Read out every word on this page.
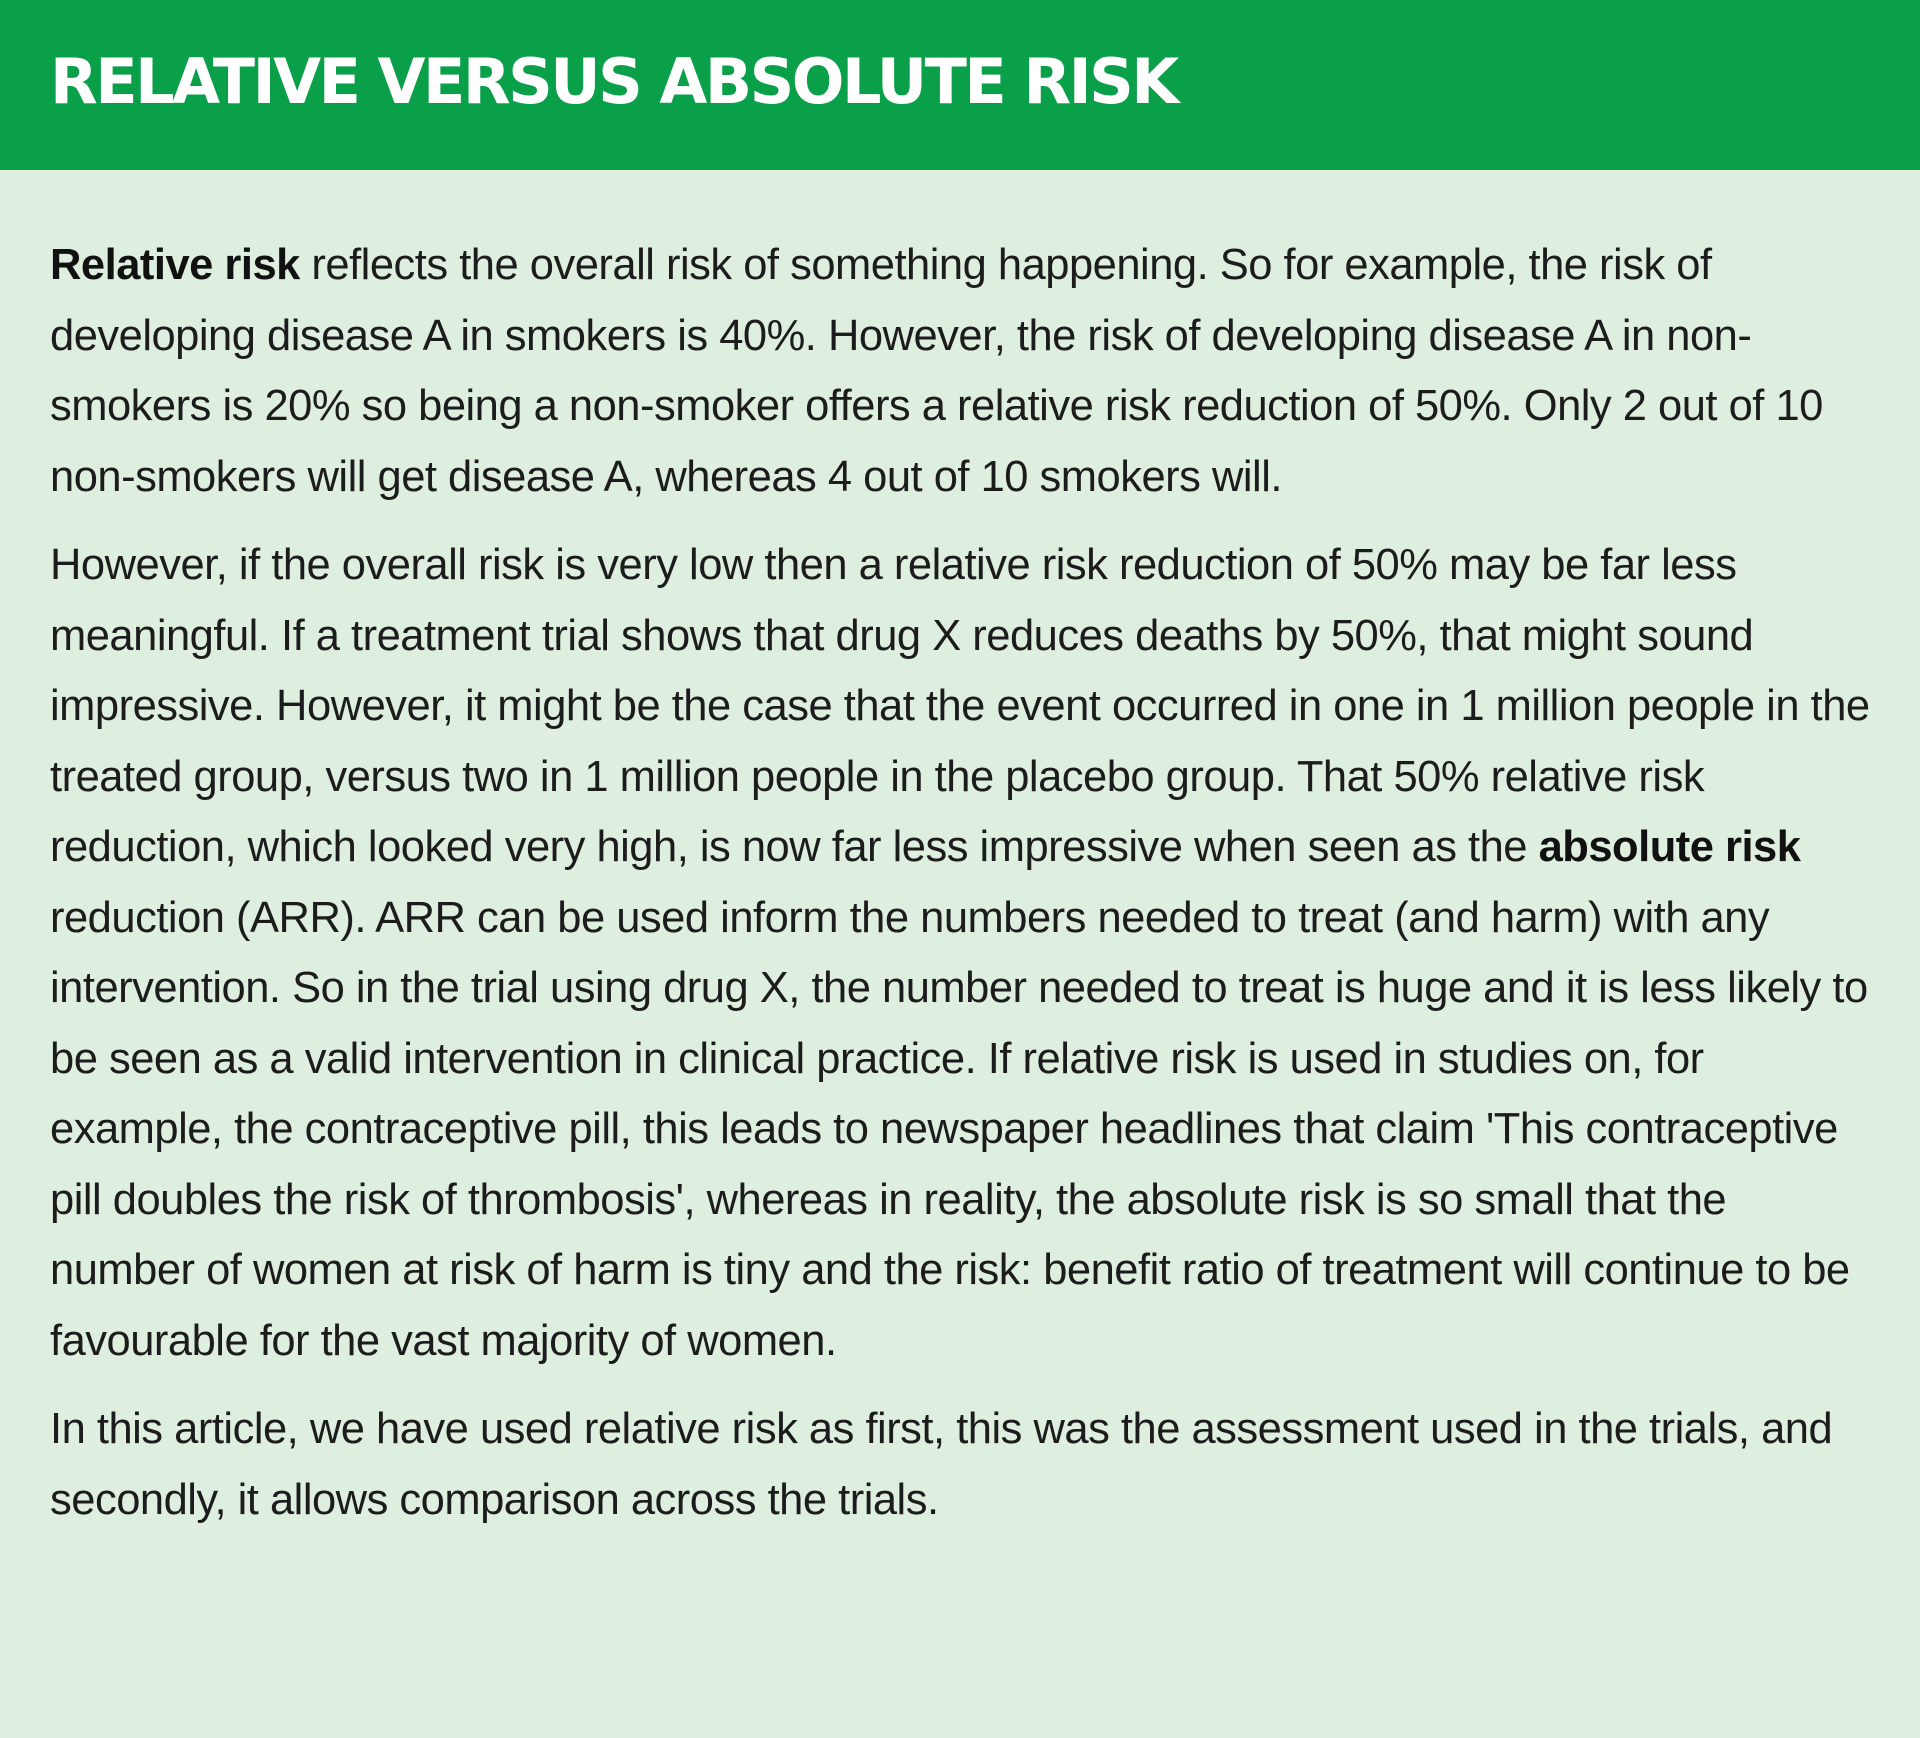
RELATIVE VERSUS ABSOLUTE RISK

Relative risk reflects the overall risk of something happening. So for example, the risk of developing disease A in smokers is 40%. However, the risk of developing disease A in non-smokers is 20% so being a non-smoker offers a relative risk reduction of 50%. Only 2 out of 10 non-smokers will get disease A, whereas 4 out of 10 smokers will.

However, if the overall risk is very low then a relative risk reduction of 50% may be far less meaningful. If a treatment trial shows that drug X reduces deaths by 50%, that might sound impressive. However, it might be the case that the event occurred in one in 1 million people in the treated group, versus two in 1 million people in the placebo group. That 50% relative risk reduction, which looked very high, is now far less impressive when seen as the absolute risk reduction (ARR). ARR can be used inform the numbers needed to treat (and harm) with any intervention. So in the trial using drug X, the number needed to treat is huge and it is less likely to be seen as a valid intervention in clinical practice. If relative risk is used in studies on, for example, the contraceptive pill, this leads to newspaper headlines that claim 'This contraceptive pill doubles the risk of thrombosis', whereas in reality, the absolute risk is so small that the number of women at risk of harm is tiny and the risk: benefit ratio of treatment will continue to be favourable for the vast majority of women.

In this article, we have used relative risk as first, this was the assessment used in the trials, and secondly, it allows comparison across the trials.
